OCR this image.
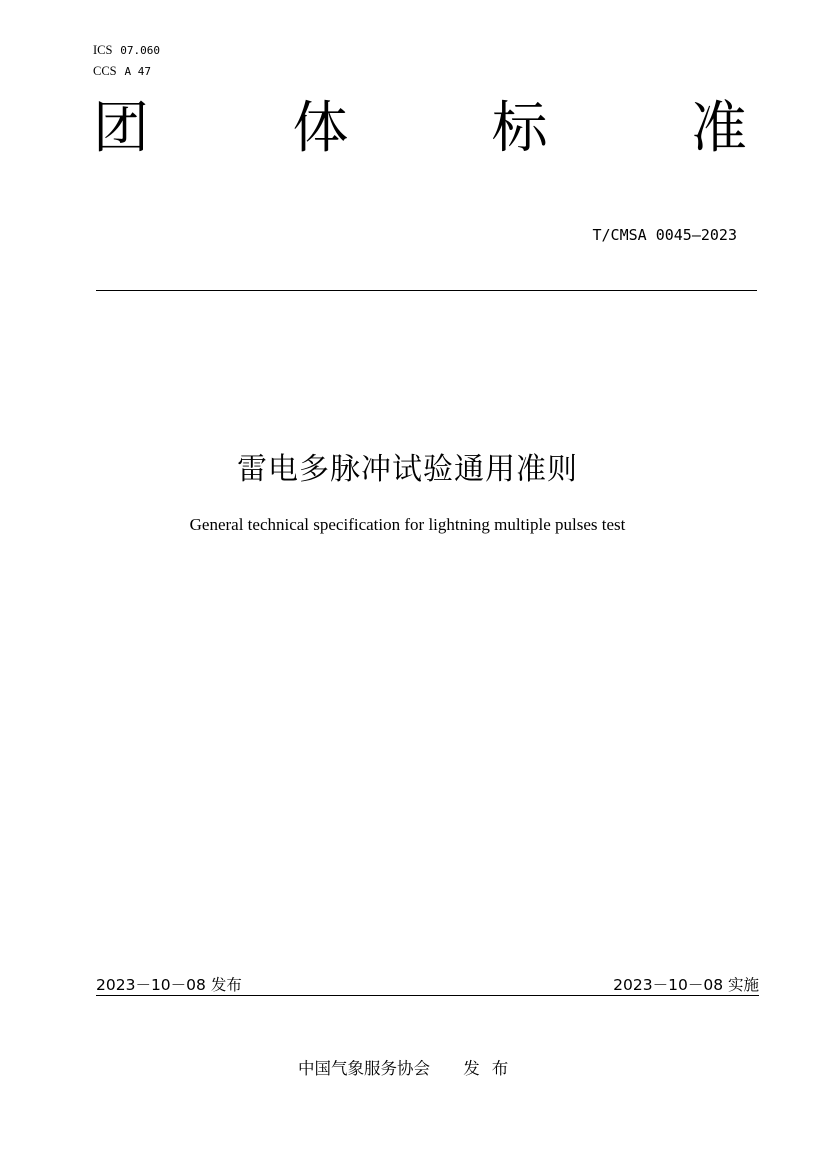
ICS 07.060
CCS A 47
团	体	标	准
T/CMSA 0045—2023
雷电多脉冲试验通用准则
General technical specification for lightning multiple pulses test
2023－10－08 发布	2023－10－08 实施
中国气象服务协会 发布
